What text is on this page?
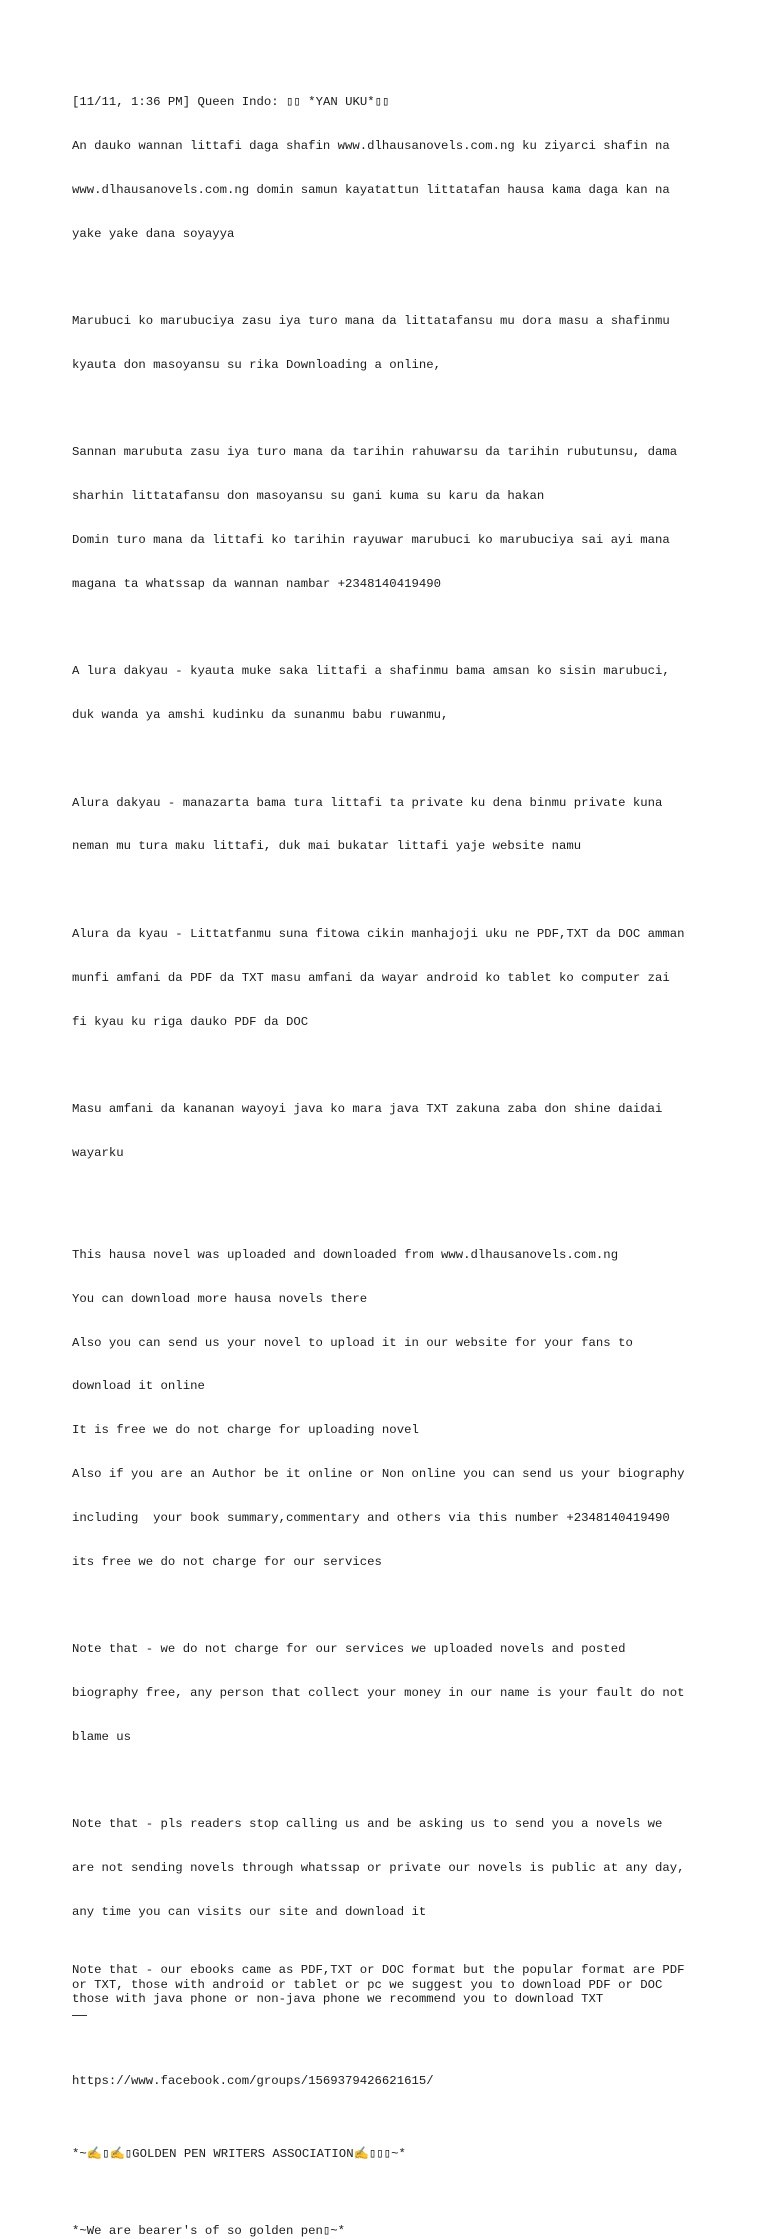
[11/11, 1:36 PM] Queen Indo: ▯▯ *YAN UKU*▯▯

An dauko wannan littafi daga shafin www.dlhausanovels.com.ng ku ziyarci shafin na

www.dlhausanovels.com.ng domin samun kayatattun littatafan hausa kama daga kan na

yake yake dana soyayya

Marubuci ko marubuciya zasu iya turo mana da littatafansu mu dora masu a shafinmu

kyauta don masoyansu su rika Downloading a online,

Sannan marubuta zasu iya turo mana da tarihin rahuwarsu da tarihin rubutunsu, dama

sharhin littatafansu don masoyansu su gani kuma su karu da hakan

Domin turo mana da littafi ko tarihin rayuwar marubuci ko marubuciya sai ayi mana

magana ta whatssap da wannan nambar +2348140419490

A lura dakyau - kyauta muke saka littafi a shafinmu bama amsan ko sisin marubuci,

duk wanda ya amshi kudinku da sunanmu babu ruwanmu,

Alura dakyau - manazarta bama tura littafi ta private ku dena binmu private kuna

neman mu tura maku littafi, duk mai bukatar littafi yaje website namu

Alura da kyau - Littatfanmu suna fitowa cikin manhajoji uku ne PDF,TXT da DOC amman

munfi amfani da PDF da TXT masu amfani da wayar android ko tablet ko computer zai

fi kyau ku riga dauko PDF da DOC

Masu amfani da kananan wayoyi java ko mara java TXT zakuna zaba don shine daidai

wayarku

This hausa novel was uploaded and downloaded from www.dlhausanovels.com.ng

You can download more hausa novels there

Also you can send us your novel to upload it in our website for your fans to

download it online

It is free we do not charge for uploading novel

Also if you are an Author be it online or Non online you can send us your biography

including  your book summary,commentary and others via this number +2348140419490

its free we do not charge for our services

Note that - we do not charge for our services we uploaded novels and posted

biography free, any person that collect your money in our name is your fault do not

blame us

Note that - pls readers stop calling us and be asking us to send you a novels we

are not sending novels through whatssap or private our novels is public at any day,

any time you can visits our site and download it

Note that - our ebooks came as PDF,TXT or DOC format but the popular format are PDF
or TXT, those with android or tablet or pc we suggest you to download PDF or DOC
those with java phone or non-java phone we recommend you to download TXT

https://www.facebook.com/groups/1569379426621615/

*~✍️▯✍️▯GOLDEN PEN WRITERS ASSOCIATION✍️▯▯▯~*
*~We are bearer's of so golden pen▯~*
